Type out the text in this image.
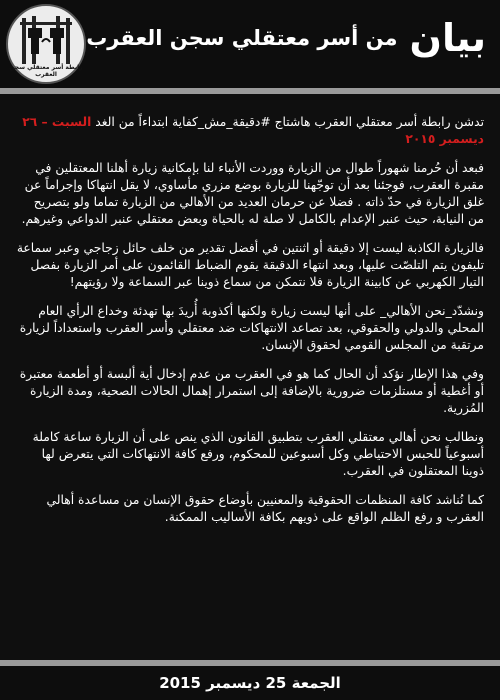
رابطة أسر معتقلي سجن العقرب
بيانمن أسر معتقلي سجن العقرب

تدشن رابطة أسر معتقلي العقرب هاشتاج #دقيقة_مش_كفاية ابتداءاً من الغد السبت – ٢٦ ديسمبر ٢٠١٥

فبعد أن حُرمنا شهوراً طوال من الزيارة ووردت الأنباء لنا بإمكانية زيارة أهلنا المعتقلين في مقبرة العقرب، فوجئنا بعد أن توجّهنا للزيارة بوضع مزري مأساوي، لا يقل انتهاكا وإجراماً عن غلق الزيارة في حدّ ذاته . فضلا عن حرمان العديد من الأهالي من الزيارة تماما ولو بتصريح من النيابة، حيث عنبر الإعدام بالكامل لا صلة له بالحياة وبعض معتقلي عنبر الدواعي وغيرهم.

فالزيارة الكاذبة ليست إلا دقيقة أو اثنتين في أفضل تقدير من خلف حائل زجاجي وعبر سماعة تليفون يتم التلصّت عليها، وبعد انتهاء الدقيقة يقوم الضباط القائمون على أمر الزيارة بفصل التيار الكهربي عن كابينة الزيارة فلا نتمكن من سماع ذوينا عبر السماعة ولا رؤيتهم!

ونشدّد_نحن الأهالي_ على أنها ليست زيارة ولكنها أكذوبة أُريدَ بها تهدئة وخداع الرأي العام المحلي والدولي والحقوقي، بعد تصاعد الانتهاكات ضد معتقلي وأسر العقرب واستعداداً لزيارة مرتقبة من المجلس القومي لحقوق الإنسان.

وفي هذا الإطار نؤكد أن الحال كما هو في العقرب من عدم إدخال أية ألبسة أو أطعمة معتبرة أو أغطية أو مستلزمات ضرورية بالإضافة إلى استمرار إهمال الحالات الصحية، ومدة الزيارة المُزرية.

ونطالب نحن أهالي معتقلي العقرب بتطبيق القانون الذي ينص على أن الزيارة ساعة كاملة أسبوعياً للحبس الاحتياطي وكل أسبوعين للمحكوم، ورفع كافة الانتهاكات التي يتعرض لها ذوينا المعتقلون في العقرب.

كما نُناشد كافة المنظمات الحقوقية والمعنيين بأوضاع حقوق الإنسان من مساعدة أهالي العقرب و رفع الظلم الواقع على ذويهم بكافة الأساليب الممكنة.

الجمعة 25 ديسمبر 2015
